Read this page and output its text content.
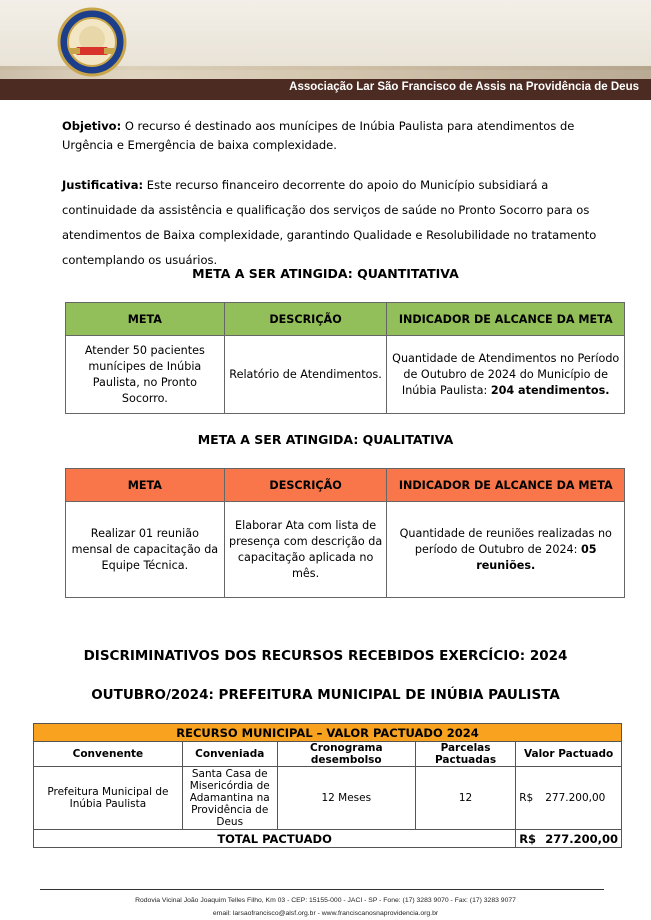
Associação Lar São Francisco de Assis na Providência de Deus
Objetivo: O recurso é destinado aos munícipes de Inúbia Paulista para atendimentos de Urgência e Emergência de baixa complexidade.
Justificativa: Este recurso financeiro decorrente do apoio do Município subsidiará a continuidade da assistência e qualificação dos serviços de saúde no Pronto Socorro para os atendimentos de Baixa complexidade, garantindo Qualidade e Resolubilidade no tratamento contemplando os usuários.
META A SER ATINGIDA: QUANTITATIVA
META	DESCRIÇÃO	INDICADOR DE ALCANCE DA META
Atender 50 pacientes munícipes de Inúbia Paulista, no Pronto Socorro.	Relatório de Atendimentos.	Quantidade de Atendimentos no Período de Outubro de 2024 do Município de Inúbia Paulista: 204 atendimentos.
META A SER ATINGIDA: QUALITATIVA
META	DESCRIÇÃO	INDICADOR DE ALCANCE DA META
Realizar 01 reunião mensal de capacitação da Equipe Técnica.	Elaborar Ata com lista de presença com descrição da capacitação aplicada no mês.	Quantidade de reuniões realizadas no período de Outubro de 2024: 05 reuniões.
DISCRIMINATIVOS DOS RECURSOS RECEBIDOS EXERCÍCIO: 2024
OUTUBRO/2024: PREFEITURA MUNICIPAL DE INÚBIA PAULISTA
RECURSO MUNICIPAL – VALOR PACTUADO 2024				
Convenente	Conveniada	Cronograma desembolso	Parcelas Pactuadas	Valor Pactuado
Prefeitura Municipal de Inúbia Paulista	Santa Casa de Misericórdia de Adamantina na Providência de Deus	12 Meses	12	R$ 277.200,00
TOTAL PACTUADO				R$ 277.200,00
Rodovia Vicinal João Joaquim Telles Filho, Km 03 - CEP: 15155-000 - JACI - SP - Fone: (17) 3283 9070 - Fax: (17) 3283 9077
email: larsaofrancisco@alsf.org.br - www.franciscanosnaprovidencia.org.br
